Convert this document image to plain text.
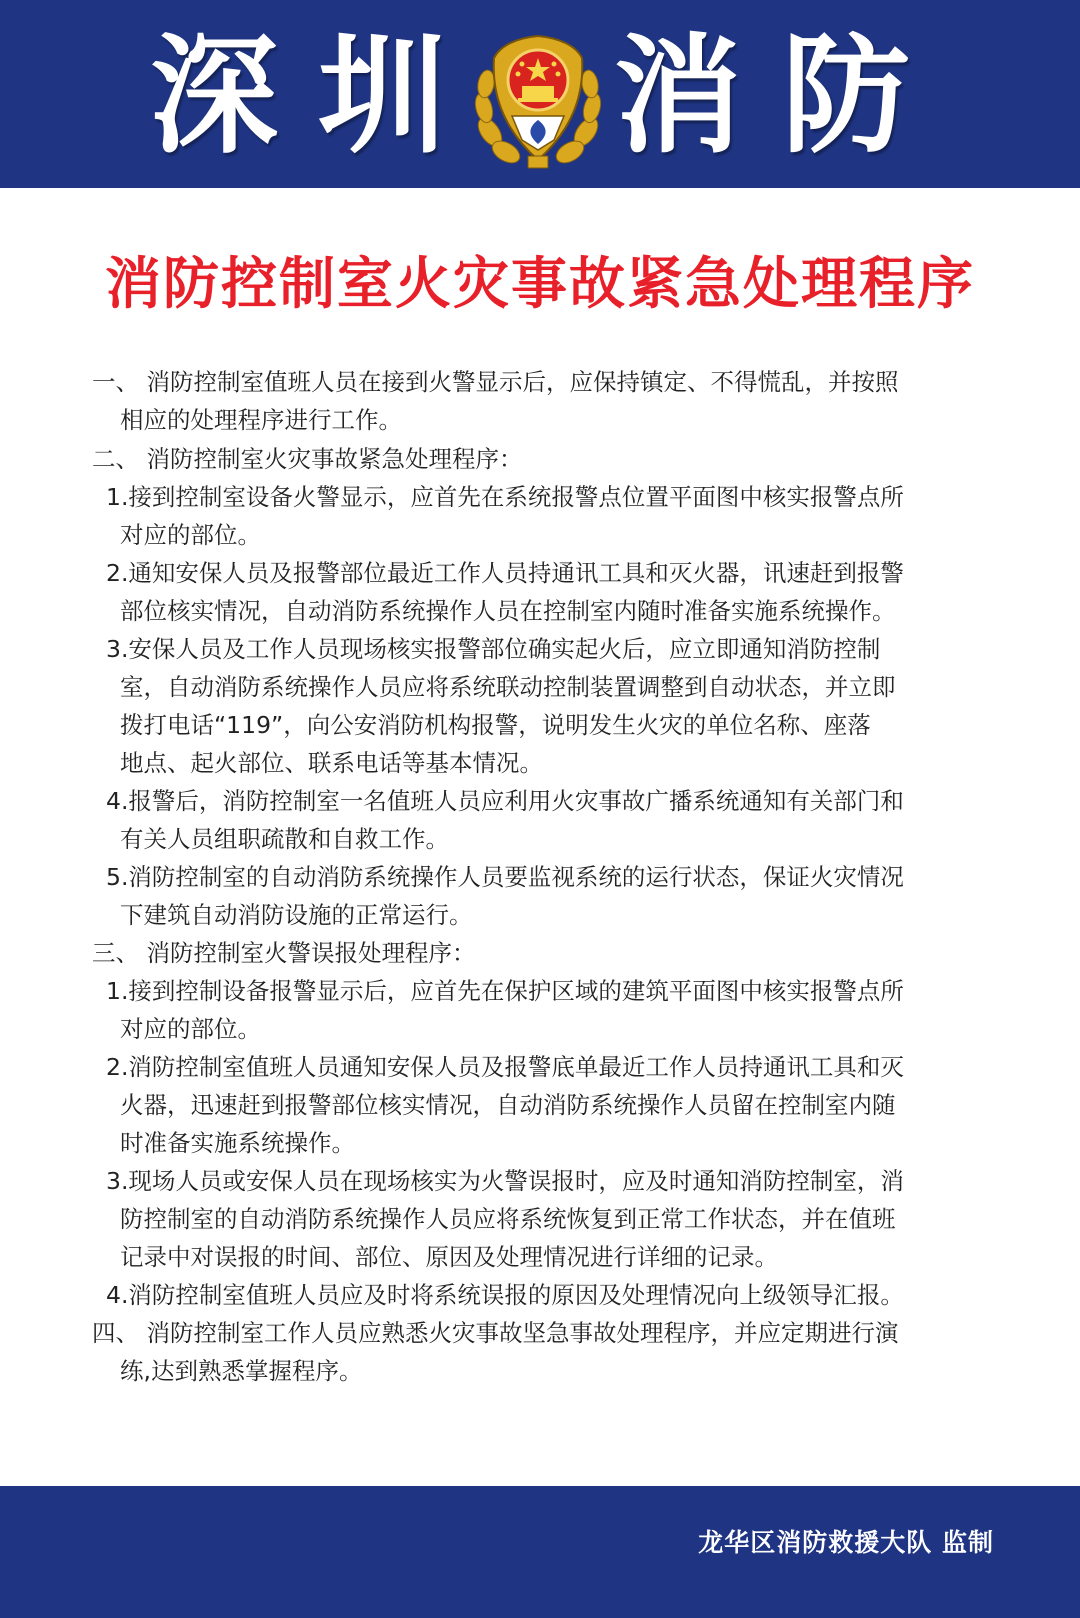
深 圳 消 防
消防控制室火灾事故紧急处理程序
一、 消防控制室值班人员在接到火警显示后，应保持镇定、不得慌乱，并按照
相应的处理程序进行工作。
二、 消防控制室火灾事故紧急处理程序：
1.接到控制室设备火警显示，应首先在系统报警点位置平面图中核实报警点所
对应的部位。
2.通知安保人员及报警部位最近工作人员持通讯工具和灭火器，讯速赶到报警
部位核实情况，自动消防系统操作人员在控制室内随时准备实施系统操作。
3.安保人员及工作人员现场核实报警部位确实起火后，应立即通知消防控制
室，自动消防系统操作人员应将系统联动控制装置调整到自动状态，并立即
拨打电话“119”，向公安消防机构报警，说明发生火灾的单位名称、座落
地点、起火部位、联系电话等基本情况。
4.报警后，消防控制室一名值班人员应利用火灾事故广播系统通知有关部门和
有关人员组职疏散和自救工作。
5.消防控制室的自动消防系统操作人员要监视系统的运行状态，保证火灾情况
下建筑自动消防设施的正常运行。
三、 消防控制室火警误报处理程序：
1.接到控制设备报警显示后，应首先在保护区域的建筑平面图中核实报警点所
对应的部位。
2.消防控制室值班人员通知安保人员及报警底单最近工作人员持通讯工具和灭
火器，迅速赶到报警部位核实情况，自动消防系统操作人员留在控制室内随
时准备实施系统操作。
3.现场人员或安保人员在现场核实为火警误报时，应及时通知消防控制室，消
防控制室的自动消防系统操作人员应将系统恢复到正常工作状态，并在值班
记录中对误报的时间、部位、原因及处理情况进行详细的记录。
4.消防控制室值班人员应及时将系统误报的原因及处理情况向上级领导汇报。
四、 消防控制室工作人员应熟悉火灾事故坚急事故处理程序，并应定期进行演
练,达到熟悉掌握程序。
龙华区消防救援大队 监制
